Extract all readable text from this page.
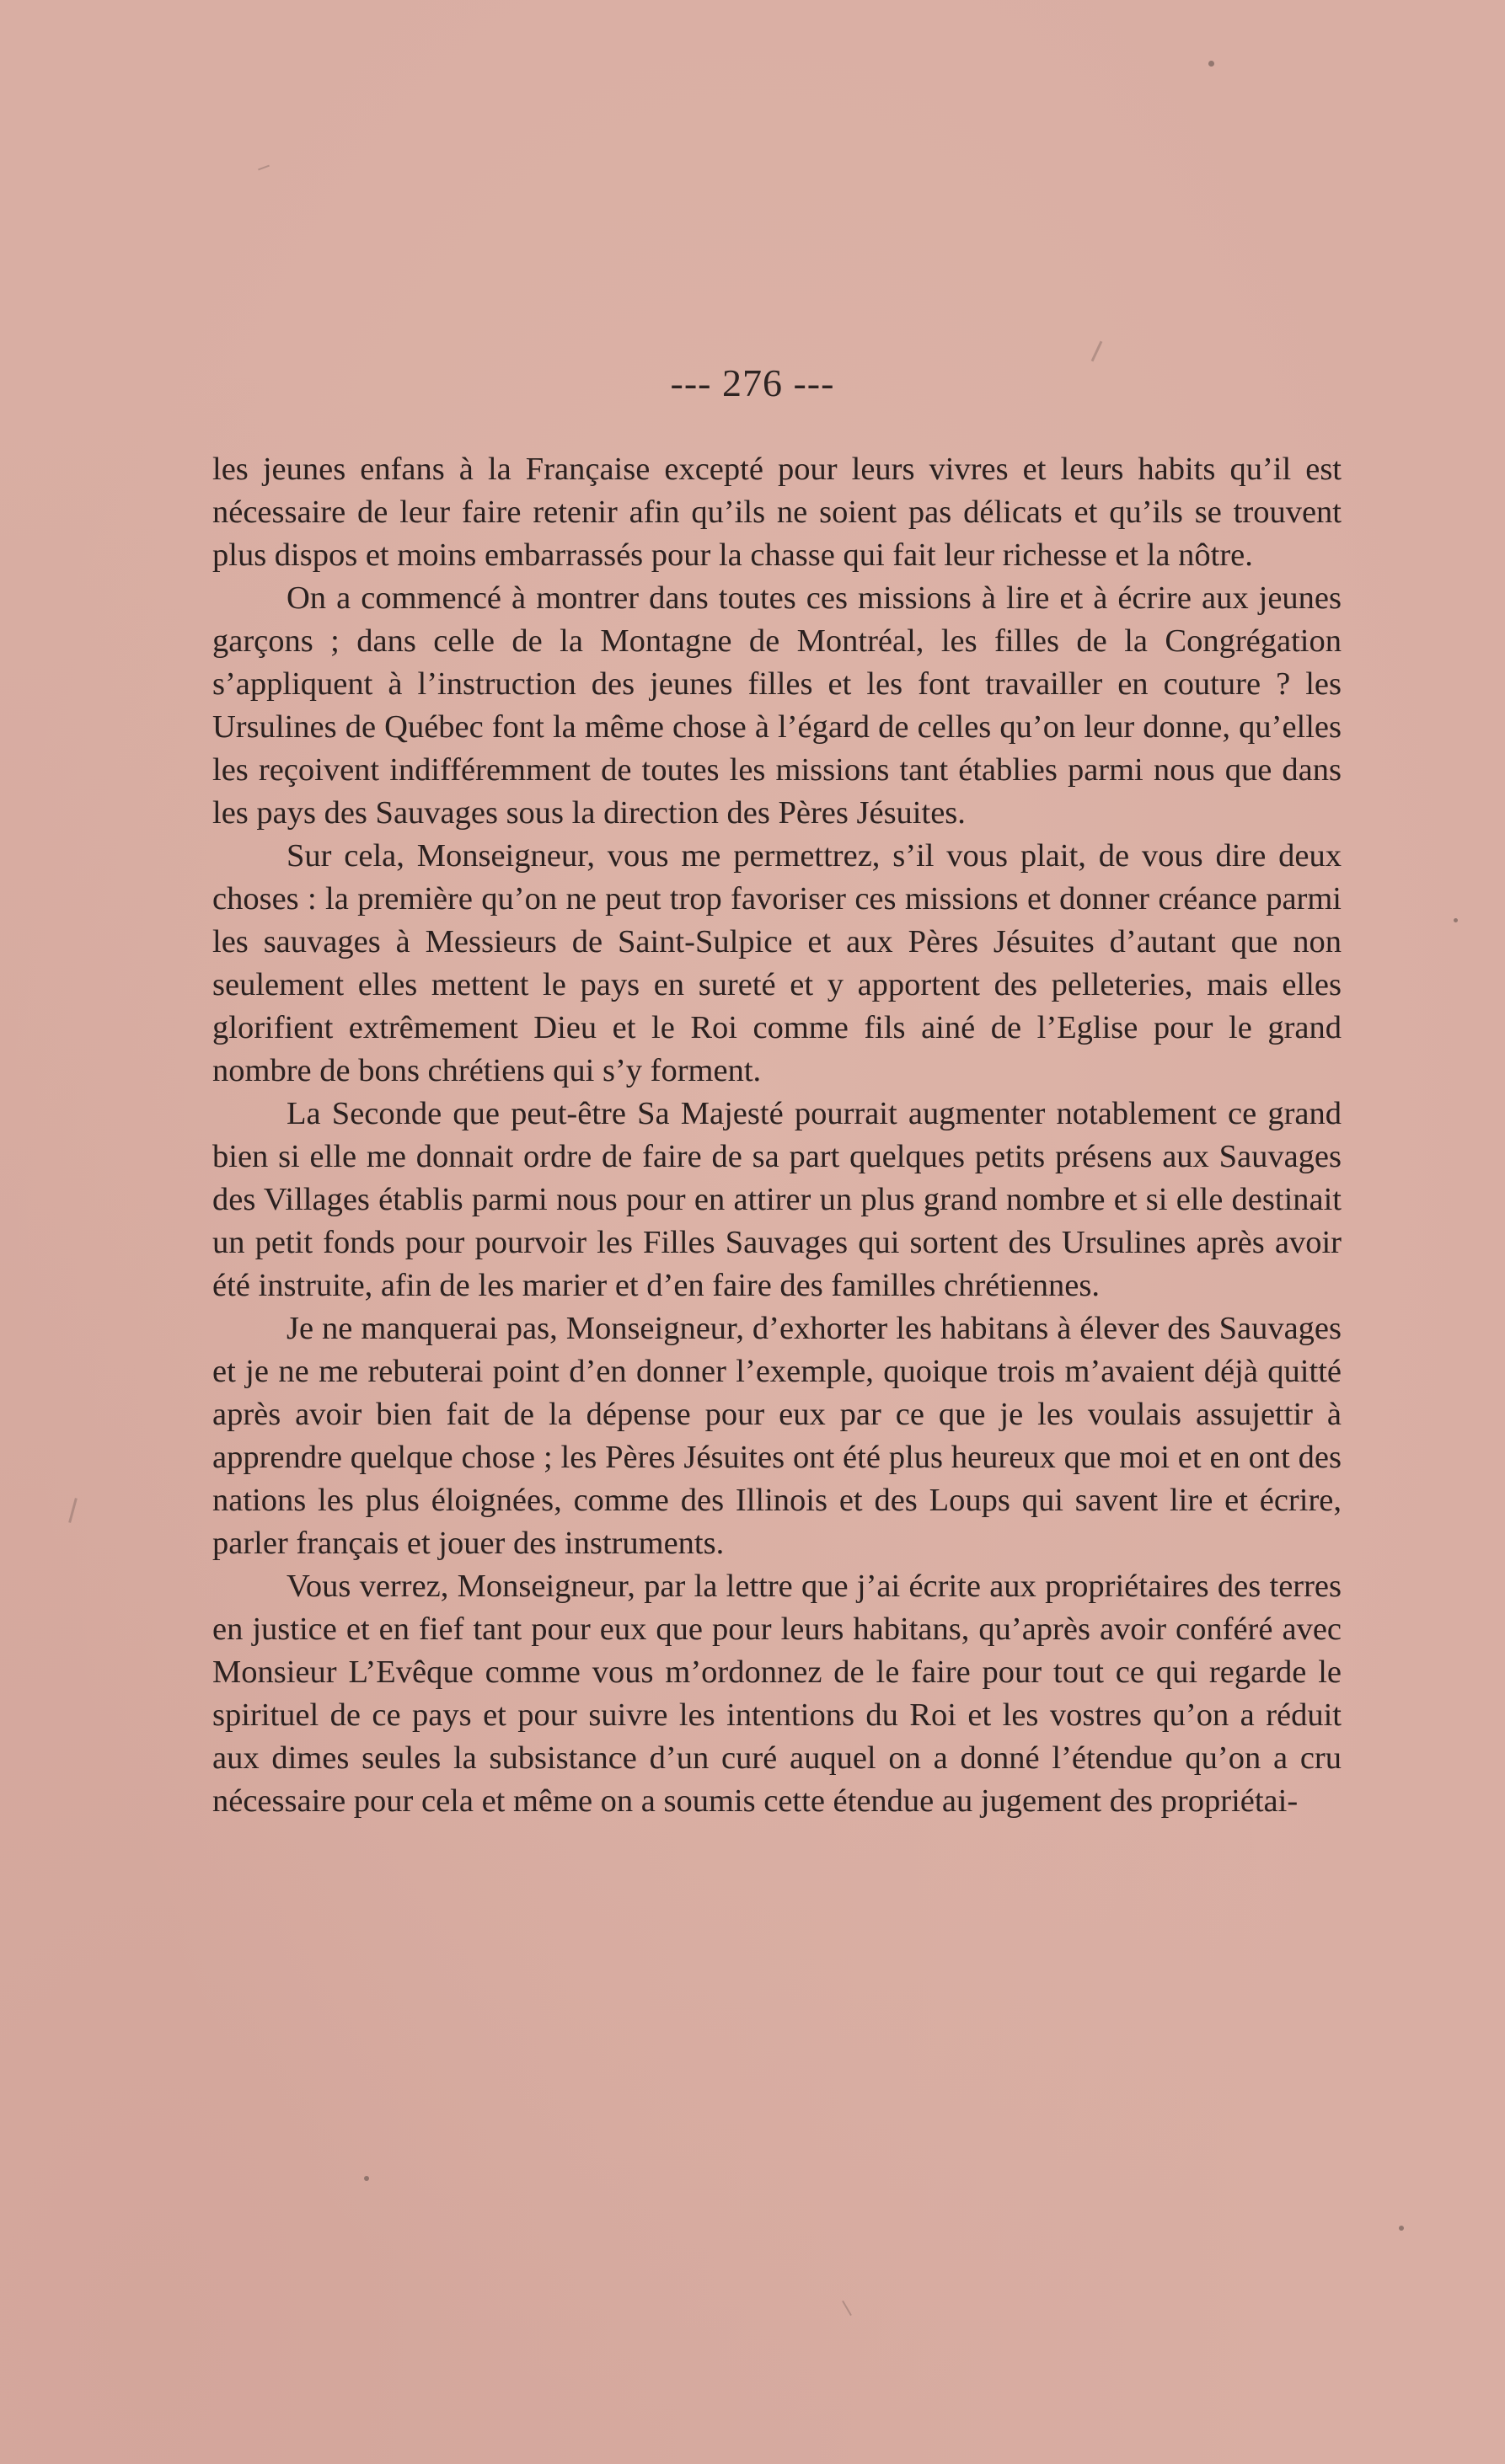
--- 276 ---

les jeunes enfans à la Française excepté pour leurs vivres et leurs habits qu’il est nécessaire de leur faire retenir afin qu’ils ne soient pas délicats et qu’ils se trouvent plus dispos et moins embarrassés pour la chasse qui fait leur richesse et la nôtre.

On a commencé à montrer dans toutes ces missions à lire et à écrire aux jeunes garçons ; dans celle de la Montagne de Montréal, les filles de la Congrégation s’appliquent à l’instruction des jeunes filles et les font travailler en couture ? les Ursulines de Québec font la même chose à l’égard de celles qu’on leur donne, qu’elles les reçoivent indifféremment de toutes les missions tant établies parmi nous que dans les pays des Sauvages sous la direction des Pères Jésuites.

Sur cela, Monseigneur, vous me permettrez, s’il vous plait, de vous dire deux choses : la première qu’on ne peut trop favoriser ces missions et donner créance parmi les sauvages à Messieurs de Saint-Sulpice et aux Pères Jésuites d’autant que non seulement elles mettent le pays en sureté et y apportent des pelleteries, mais elles glorifient extrêmement Dieu et le Roi comme fils ainé de l’Eglise pour le grand nombre de bons chrétiens qui s’y forment.

La Seconde que peut-être Sa Majesté pourrait augmenter notablement ce grand bien si elle me donnait ordre de faire de sa part quelques petits présens aux Sauvages des Villages établis parmi nous pour en attirer un plus grand nombre et si elle destinait un petit fonds pour pourvoir les Filles Sauvages qui sortent des Ursulines après avoir été instruite, afin de les marier et d’en faire des familles chrétiennes.

Je ne manquerai pas, Monseigneur, d’exhorter les habitans à élever des Sauvages et je ne me rebuterai point d’en donner l’exemple, quoique trois m’avaient déjà quitté après avoir bien fait de la dépense pour eux par ce que je les voulais assujettir à apprendre quelque chose ; les Pères Jésuites ont été plus heureux que moi et en ont des nations les plus éloignées, comme des Illinois et des Loups qui savent lire et écrire, parler français et jouer des instruments.

Vous verrez, Monseigneur, par la lettre que j’ai écrite aux propriétaires des terres en justice et en fief tant pour eux que pour leurs habitans, qu’après avoir conféré avec Monsieur L’Evêque comme vous m’ordonnez de le faire pour tout ce qui regarde le spirituel de ce pays et pour suivre les intentions du Roi et les vostres qu’on a réduit aux dimes seules la subsistance d’un curé auquel on a donné l’étendue qu’on a cru nécessaire pour cela et même on a soumis cette étendue au jugement des propriétai-
